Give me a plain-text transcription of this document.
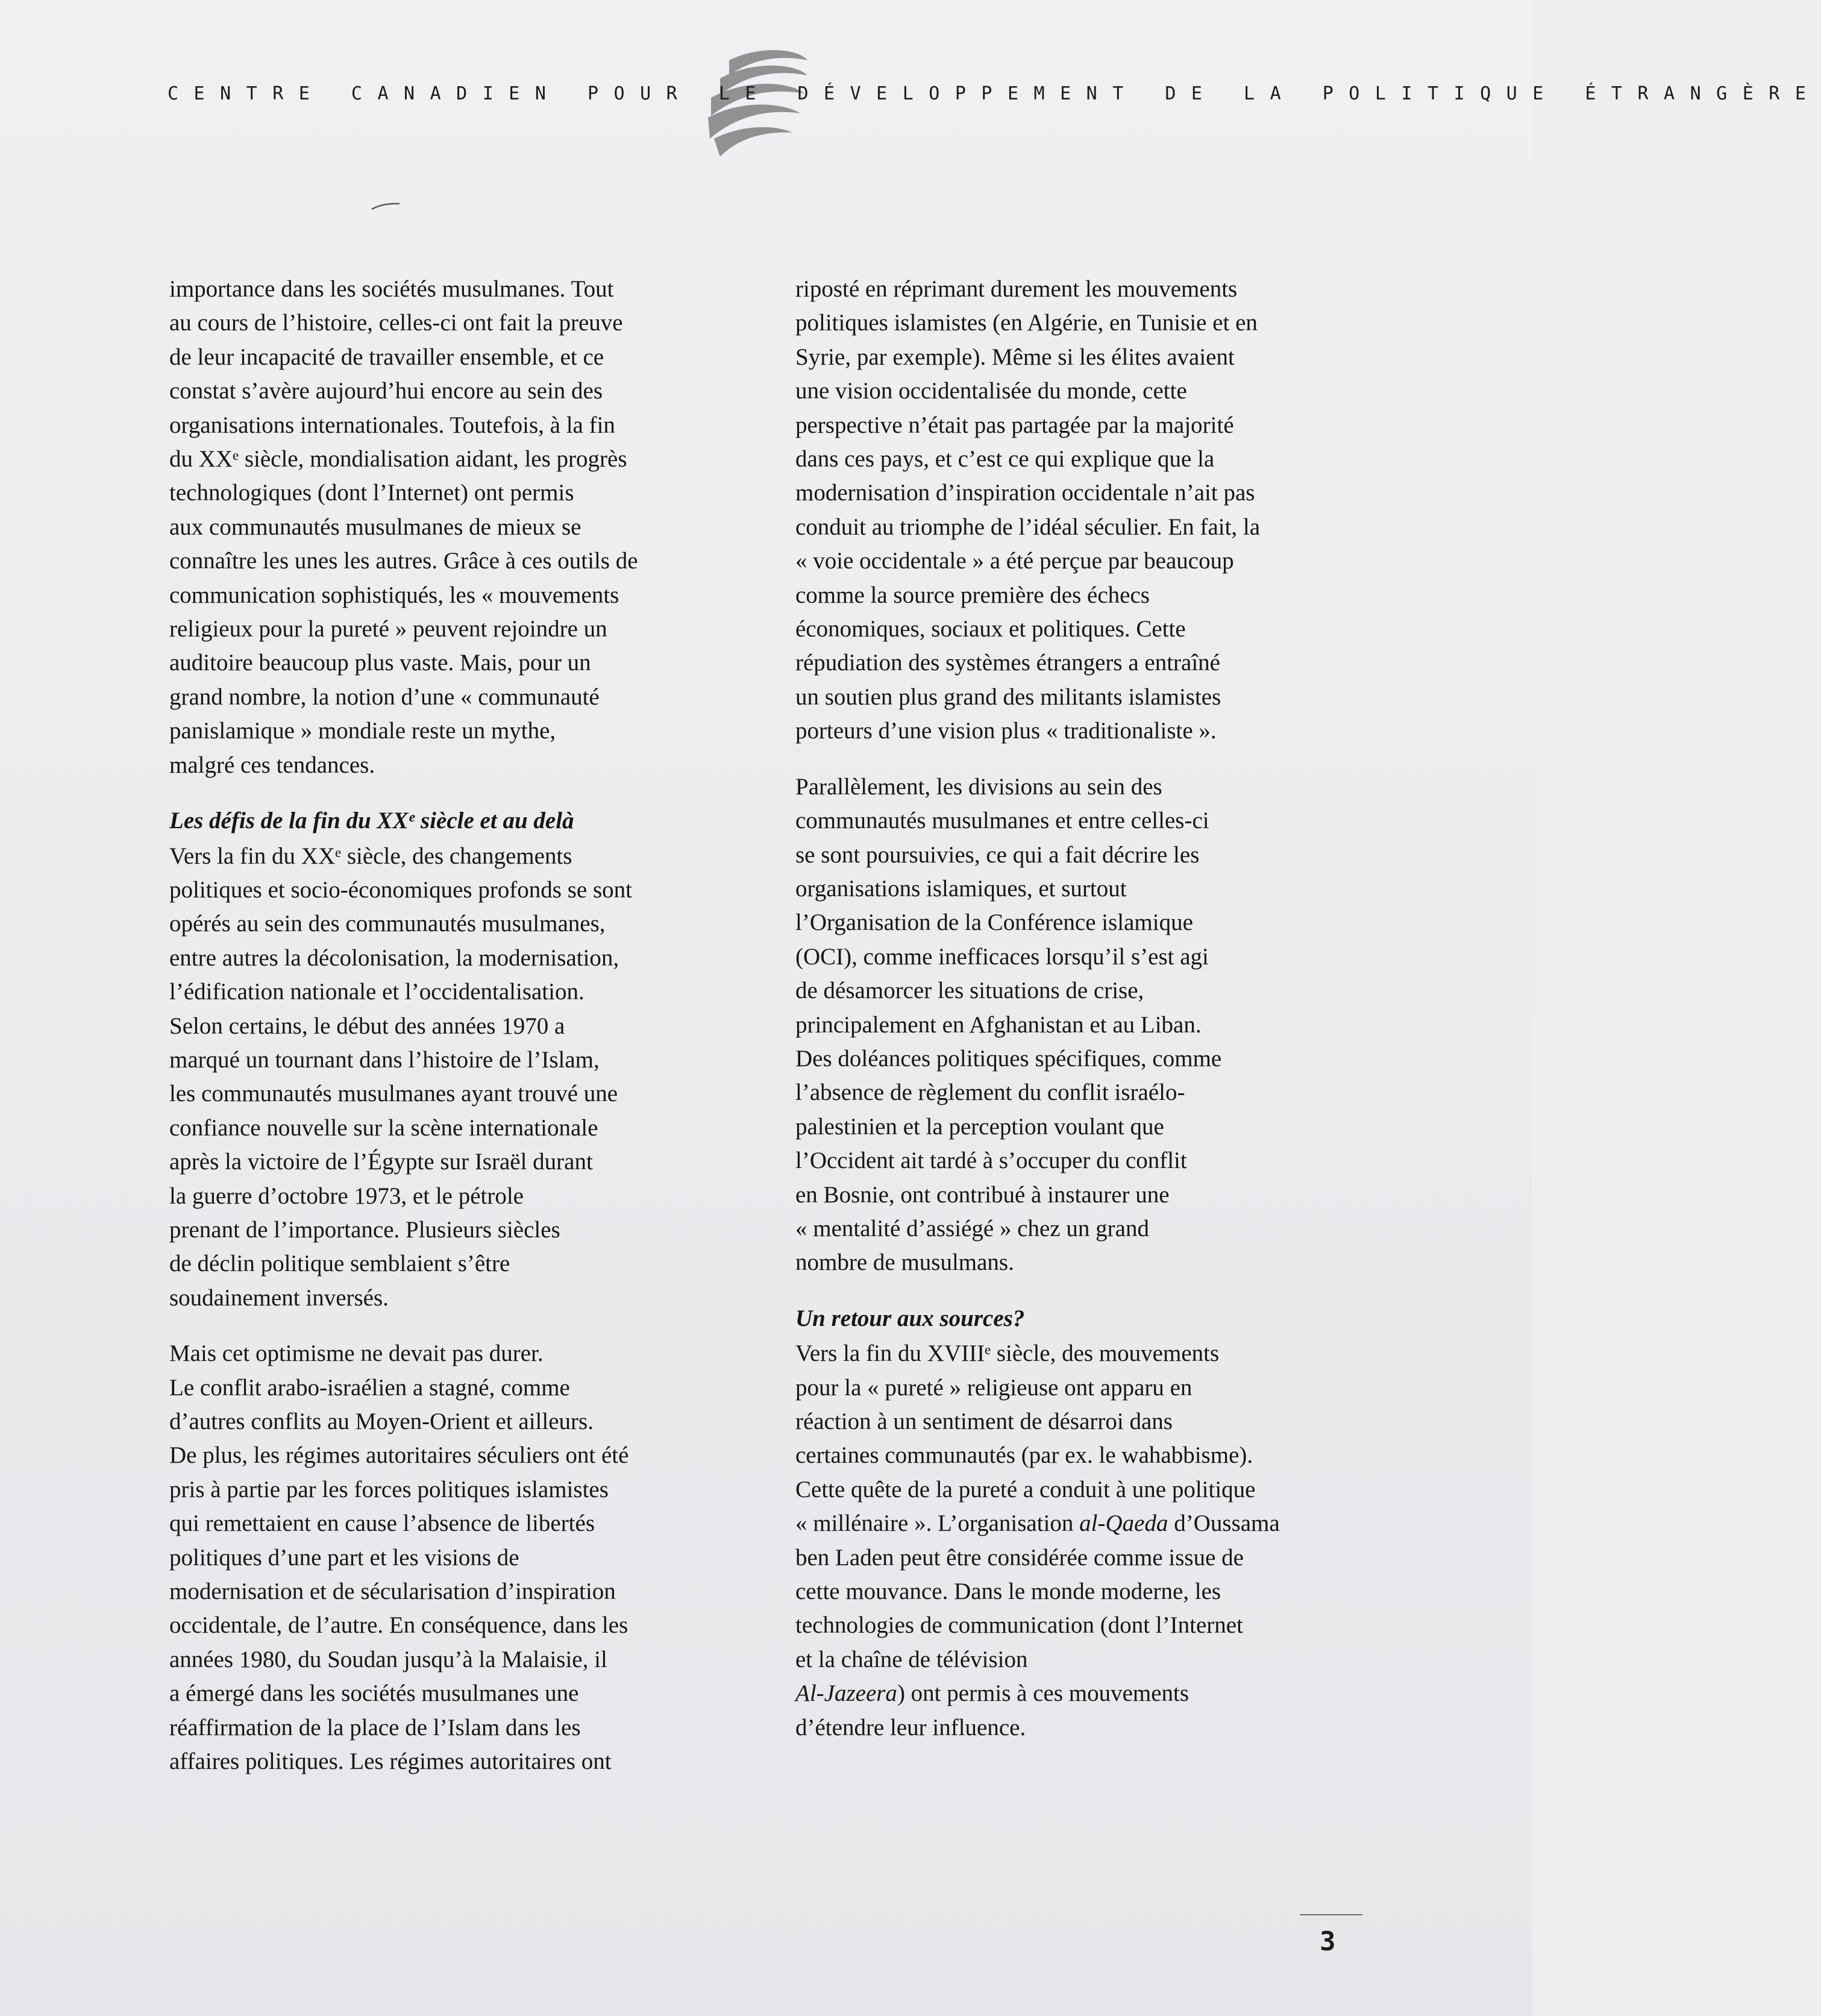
CENTRE CANADIEN POUR LE DÉVELOPPEMENT DE LA POLITIQUE ÉTRANGÈRE

importance dans les sociétés musulmanes. Tout
au cours de l’histoire, celles-ci ont fait la preuve
de leur incapacité de travailler ensemble, et ce
constat s’avère aujourd’hui encore au sein des
organisations internationales. Toutefois, à la fin
du XXᵉ siècle, mondialisation aidant, les progrès
technologiques (dont l’Internet) ont permis
aux communautés musulmanes de mieux se
connaître les unes les autres. Grâce à ces outils de
communication sophistiqués, les « mouvements
religieux pour la pureté » peuvent rejoindre un
auditoire beaucoup plus vaste. Mais, pour un
grand nombre, la notion d’une « communauté
panislamique » mondiale reste un mythe,
malgré ces tendances.

Les défis de la fin du XXᵉ siècle et au delà

Vers la fin du XXᵉ siècle, des changements
politiques et socio-économiques profonds se sont
opérés au sein des communautés musulmanes,
entre autres la décolonisation, la modernisation,
l’édification nationale et l’occidentalisation.
Selon certains, le début des années 1970 a
marqué un tournant dans l’histoire de l’Islam,
les communautés musulmanes ayant trouvé une
confiance nouvelle sur la scène internationale
après la victoire de l’Égypte sur Israël durant
la guerre d’octobre 1973, et le pétrole
prenant de l’importance. Plusieurs siècles
de déclin politique semblaient s’être
soudainement inversés.

Mais cet optimisme ne devait pas durer.
Le conflit arabo-israélien a stagné, comme
d’autres conflits au Moyen-Orient et ailleurs.
De plus, les régimes autoritaires séculiers ont été
pris à partie par les forces politiques islamistes
qui remettaient en cause l’absence de libertés
politiques d’une part et les visions de
modernisation et de sécularisation d’inspiration
occidentale, de l’autre. En conséquence, dans les
années 1980, du Soudan jusqu’à la Malaisie, il
a émergé dans les sociétés musulmanes une
réaffirmation de la place de l’Islam dans les
affaires politiques. Les régimes autoritaires ont

riposté en réprimant durement les mouvements
politiques islamistes (en Algérie, en Tunisie et en
Syrie, par exemple). Même si les élites avaient
une vision occidentalisée du monde, cette
perspective n’était pas partagée par la majorité
dans ces pays, et c’est ce qui explique que la
modernisation d’inspiration occidentale n’ait pas
conduit au triomphe de l’idéal séculier. En fait, la
« voie occidentale » a été perçue par beaucoup
comme la source première des échecs
économiques, sociaux et politiques. Cette
répudiation des systèmes étrangers a entraîné
un soutien plus grand des militants islamistes
porteurs d’une vision plus « traditionaliste ».

Parallèlement, les divisions au sein des
communautés musulmanes et entre celles-ci
se sont poursuivies, ce qui a fait décrire les
organisations islamiques, et surtout
l’Organisation de la Conférence islamique
(OCI), comme inefficaces lorsqu’il s’est agi
de désamorcer les situations de crise,
principalement en Afghanistan et au Liban.
Des doléances politiques spécifiques, comme
l’absence de règlement du conflit israélo-
palestinien et la perception voulant que
l’Occident ait tardé à s’occuper du conflit
en Bosnie, ont contribué à instaurer une
« mentalité d’assiégé » chez un grand
nombre de musulmans.

Un retour aux sources?

Vers la fin du XVIIIᵉ siècle, des mouvements
pour la « pureté » religieuse ont apparu en
réaction à un sentiment de désarroi dans
certaines communautés (par ex. le wahabbisme).
Cette quête de la pureté a conduit à une politique
« millénaire ». L’organisation al-Qaeda d’Oussama
ben Laden peut être considérée comme issue de
cette mouvance. Dans le monde moderne, les
technologies de communication (dont l’Internet
et la chaîne de télévision
Al-Jazeera) ont permis à ces mouvements
d’étendre leur influence.

3
